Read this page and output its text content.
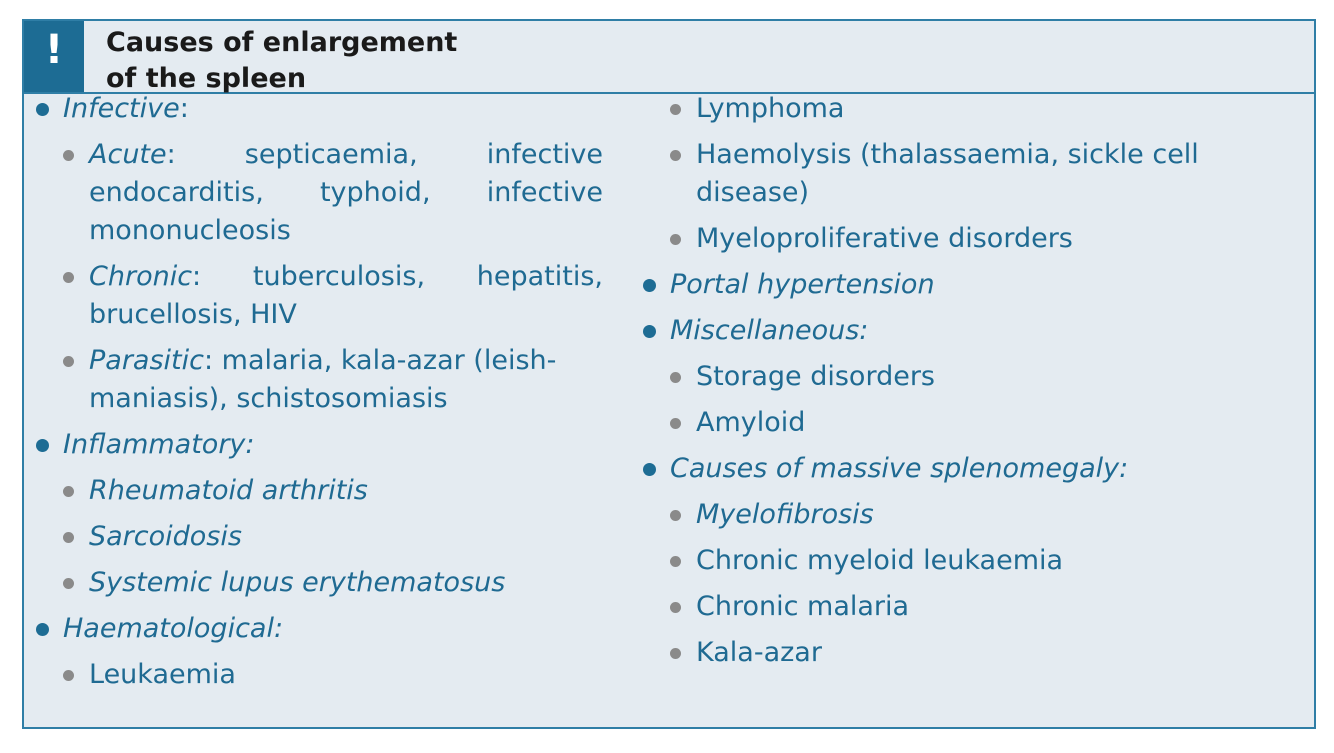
!	Causes of enlargement
of the spleen
Infective:
Acute: septicaemia, infective endocarditis, typhoid, infective mononucleosis
Chronic: tuberculosis, hepatitis, brucellosis, HIV
Parasitic: malaria, kala-azar (leish-maniasis), schistosomiasis
Inflammatory:
Rheumatoid arthritis
Sarcoidosis
Systemic lupus erythematosus
Haematological:
Leukaemia
Lymphoma
Haemolysis (thalassaemia, sickle cell disease)
Myeloproliferative disorders
Portal hypertension
Miscellaneous:
Storage disorders
Amyloid
Causes of massive splenomegaly:
Myelofibrosis
Chronic myeloid leukaemia
Chronic malaria
Kala-azar
